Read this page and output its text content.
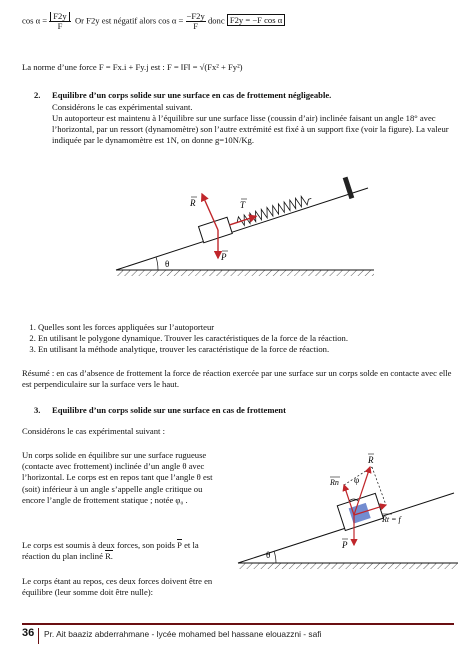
$\cos \alpha = \frac{F2y}{F}$ Or F2y est négatif alors $\cos \alpha = \frac{-F2y}{F}$ donc F2y = −F cos α
La norme d’une force F = Fx.i + Fy.j est : F = ‖F‖ = √(Fx² + Fy²)
2. Equilibre d’un corps solide sur une surface en cas de frottement négligeable.
Considérons le cas expérimental suivant.
Un autoporteur est maintenu à l’équilibre sur une surface lisse (coussin d’air) inclinée faisant un angle 18° avec l’horizontal, par un ressort (dynamomètre) son l’autre extrémité est fixé à un support fixe (voir la figure). La valeur indiquée par le dynamomètre est 1N, on donne g=10N/Kg.
θ
R	T
P
1. Quelles sont les forces appliquées sur l’autoporteur
2. En utilisant le polygone dynamique. Trouver les caractéristiques de la force de la réaction.
3. En utilisant la méthode analytique, trouver les caractéristique de la force de réaction.
Résumé : en cas d’absence de frottement la force de réaction exercée par une surface sur un corps solde en contacte avec elle est perpendiculaire sur la surface vers le haut.
3. Equilibre d’un corps solide sur une surface en cas de frottement
Considérons le cas expérimental suivant :
Un corps solide en équilibre sur une surface rugueuse (contacte avec frottement) inclinée d’un angle θ avec l’horizontal. Le corps est en repos tant que l’angle θ est (soit) inférieur à un angle s’appelle angle critique ou encore l’angle de frottement statique ; notée φ₀ .
Le corps est soumis à deux forces, son poids P et la réaction du plan incliné R.
Le corps étant au repos, ces deux forces doivent être en équilibre (leur somme doit être nulle):
θ
φ
R
Rn
Rt = f
P
36 Pr. Ait baaziz abderrahmane - lycée mohamed bel hassane elouazzni - safi
